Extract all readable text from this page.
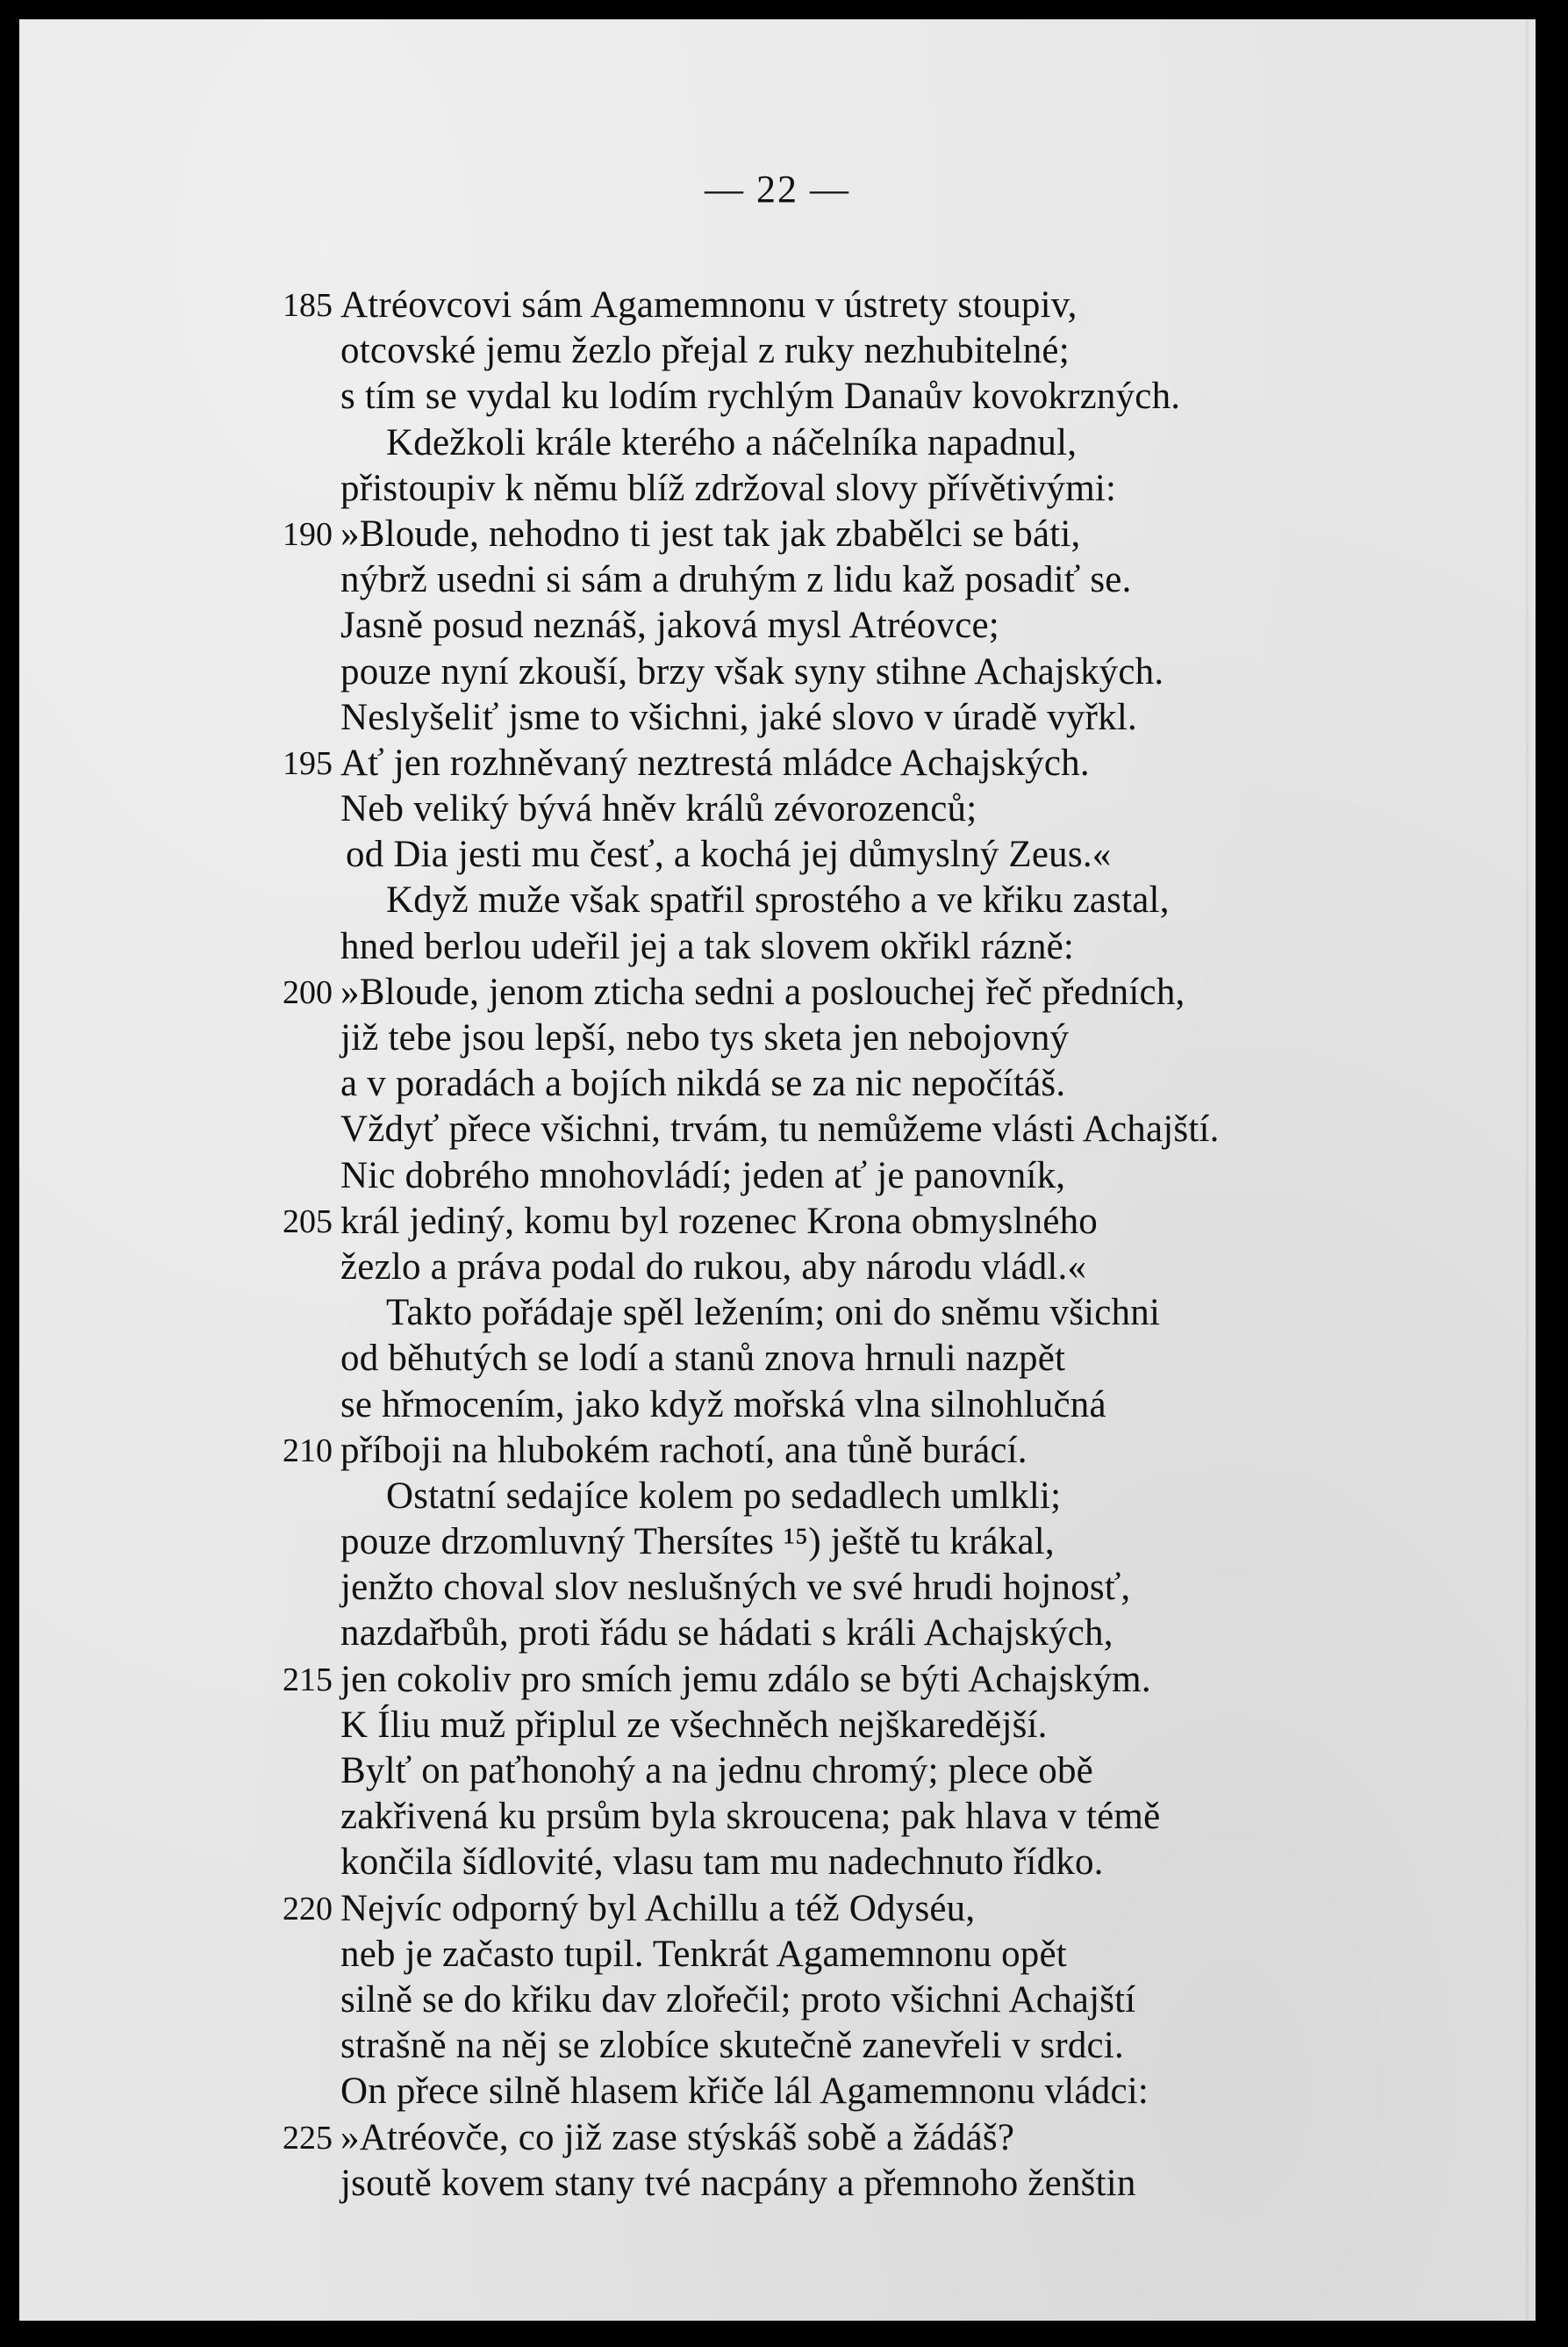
— 22 —
185 Atréovcovi sám Agamemnonu v ústrety stoupiv,
otcovské jemu žezlo přejal z ruky nezhubitelné;
s tím se vydal ku lodím rychlým Danaův kovokrzných.
Kdežkoli krále kterého a náčelníka napadnul,
přistoupiv k němu blíž zdržoval slovy přívětivými:
190 »Bloude, nehodno ti jest tak jak zbabělci se báti,
nýbrž usedni si sám a druhým z lidu kaž posadiť se.
Jasně posud neznáš, jaková mysl Atréovce;
pouze nyní zkouší, brzy však syny stihne Achajských.
Neslyšeliť jsme to všichni, jaké slovo v úradě vyřkl.
195 Ať jen rozhněvaný neztrestá mládce Achajských.
Neb veliký bývá hněv králů zévorozenců;
od Dia jesti mu česť, a kochá jej důmyslný Zeus.«
Když muže však spatřil sprostého a ve křiku zastal,
hned berlou udeřil jej a tak slovem okřikl rázně:
200 »Bloude, jenom zticha sedni a poslouchej řeč předních,
již tebe jsou lepší, nebo tys sketa jen nebojovný
a v poradách a bojích nikdá se za nic nepočítáš.
Vždyť přece všichni, trvám, tu nemůžeme vlásti Achajští.
Nic dobrého mnohovládí; jeden ať je panovník,
205 král jediný, komu byl rozenec Krona obmyslného
žezlo a práva podal do rukou, aby národu vládl.«
Takto pořádaje spěl ležením; oni do sněmu všichni
od běhutých se lodí a stanů znova hrnuli nazpět
se hřmocením, jako když mořská vlna silnohlučná
210 příboji na hlubokém rachotí, ana tůně burácí.
Ostatní sedajíce kolem po sedadlech umlkli;
pouze drzomluvný Thersítes ¹⁵) ještě tu krákal,
jenžto choval slov neslušných ve své hrudi hojnosť,
nazdařbůh, proti řádu se hádati s králi Achajských,
215 jen cokoliv pro smích jemu zdálo se býti Achajským.
K Íliu muž připlul ze všechněch nejškaredější.
Bylť on paťhonohý a na jednu chromý; plece obě
zakřivená ku prsům byla skroucena; pak hlava v témě
končila šídlovité, vlasu tam mu nadechnuto řídko.
220 Nejvíc odporný byl Achillu a též Odyséu,
neb je začasto tupil. Tenkrát Agamemnonu opět
silně se do křiku dav zlořečil; proto všichni Achajští
strašně na něj se zlobíce skutečně zanevřeli v srdci.
On přece silně hlasem křiče lál Agamemnonu vládci:
225 »Atréovče, co již zase stýskáš sobě a žádáš?
jsoutě kovem stany tvé nacpány a přemnoho ženštin
